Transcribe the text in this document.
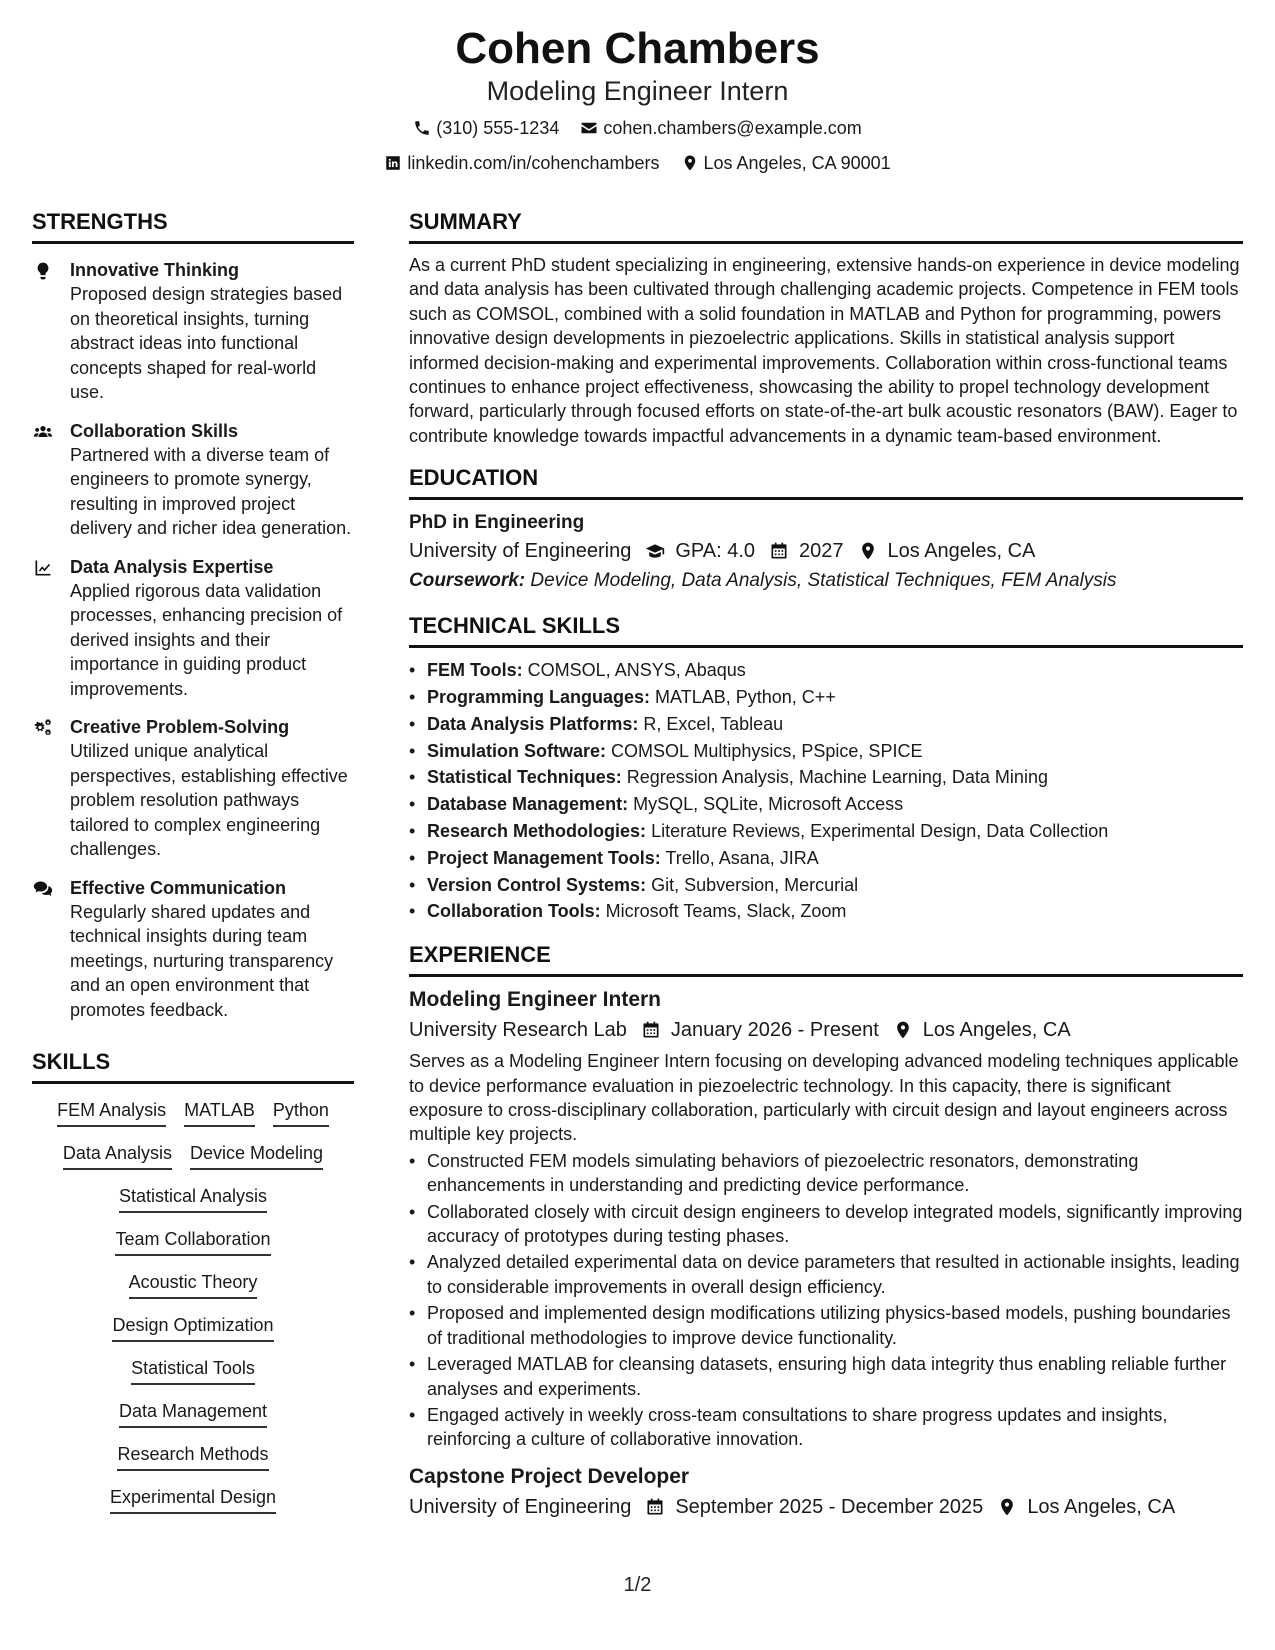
Cohen Chambers
Modeling Engineer Intern
(310) 555-1234
cohen.chambers@example.com
linkedin.com/in/cohenchambers
Los Angeles, CA 90001
STRENGTHS
Innovative Thinking
Proposed design strategies based on theoretical insights, turning abstract ideas into functional concepts shaped for real-world use.
Collaboration Skills
Partnered with a diverse team of engineers to promote synergy, resulting in improved project delivery and richer idea generation.
Data Analysis Expertise
Applied rigorous data validation processes, enhancing precision of derived insights and their importance in guiding product improvements.
Creative Problem-Solving
Utilized unique analytical perspectives, establishing effective problem resolution pathways tailored to complex engineering challenges.
Effective Communication
Regularly shared updates and technical insights during team meetings, nurturing transparency and an open environment that promotes feedback.
SKILLS
FEM Analysis MATLAB Python
Data Analysis Device Modeling
Statistical Analysis
Team Collaboration
Acoustic Theory
Design Optimization
Statistical Tools
Data Management
Research Methods
Experimental Design
SUMMARY
As a current PhD student specializing in engineering, extensive hands-on experience in device modeling and data analysis has been cultivated through challenging academic projects. Competence in FEM tools such as COMSOL, combined with a solid foundation in MATLAB and Python for programming, powers innovative design developments in piezoelectric applications. Skills in statistical analysis support informed decision-making and experimental improvements. Collaboration within cross-functional teams continues to enhance project effectiveness, showcasing the ability to propel technology development forward, particularly through focused efforts on state-of-the-art bulk acoustic resonators (BAW). Eager to contribute knowledge towards impactful advancements in a dynamic team-based environment.
EDUCATION
PhD in Engineering
University of Engineering GPA: 4.0 2027 Los Angeles, CA
Coursework: Device Modeling, Data Analysis, Statistical Techniques, FEM Analysis
TECHNICAL SKILLS
• FEM Tools: COMSOL, ANSYS, Abaqus
• Programming Languages: MATLAB, Python, C++
• Data Analysis Platforms: R, Excel, Tableau
• Simulation Software: COMSOL Multiphysics, PSpice, SPICE
• Statistical Techniques: Regression Analysis, Machine Learning, Data Mining
• Database Management: MySQL, SQLite, Microsoft Access
• Research Methodologies: Literature Reviews, Experimental Design, Data Collection
• Project Management Tools: Trello, Asana, JIRA
• Version Control Systems: Git, Subversion, Mercurial
• Collaboration Tools: Microsoft Teams, Slack, Zoom
EXPERIENCE
Modeling Engineer Intern
University Research Lab January 2026 - Present Los Angeles, CA
Serves as a Modeling Engineer Intern focusing on developing advanced modeling techniques applicable to device performance evaluation in piezoelectric technology. In this capacity, there is significant exposure to cross-disciplinary collaboration, particularly with circuit design and layout engineers across multiple key projects.
• Constructed FEM models simulating behaviors of piezoelectric resonators, demonstrating enhancements in understanding and predicting device performance.
• Collaborated closely with circuit design engineers to develop integrated models, significantly improving accuracy of prototypes during testing phases.
• Analyzed detailed experimental data on device parameters that resulted in actionable insights, leading to considerable improvements in overall design efficiency.
• Proposed and implemented design modifications utilizing physics-based models, pushing boundaries of traditional methodologies to improve device functionality.
• Leveraged MATLAB for cleansing datasets, ensuring high data integrity thus enabling reliable further analyses and experiments.
• Engaged actively in weekly cross-team consultations to share progress updates and insights, reinforcing a culture of collaborative innovation.
Capstone Project Developer
University of Engineering September 2025 - December 2025 Los Angeles, CA
1/2
